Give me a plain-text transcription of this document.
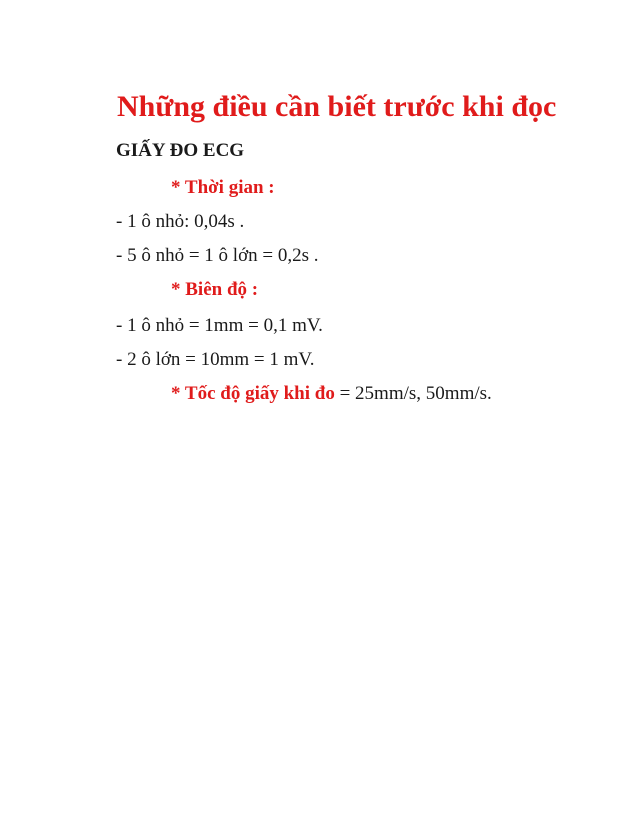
Những điều cần biết trước khi đọc
GIẤY ĐO ECG
* Thời gian :
- 1 ô nhỏ: 0,04s .
- 5 ô nhỏ = 1 ô lớn = 0,2s .
* Biên độ :
- 1 ô nhỏ = 1mm = 0,1 mV.
- 2 ô lớn = 10mm = 1 mV.
* Tốc độ giấy khi đo = 25mm/s, 50mm/s.
